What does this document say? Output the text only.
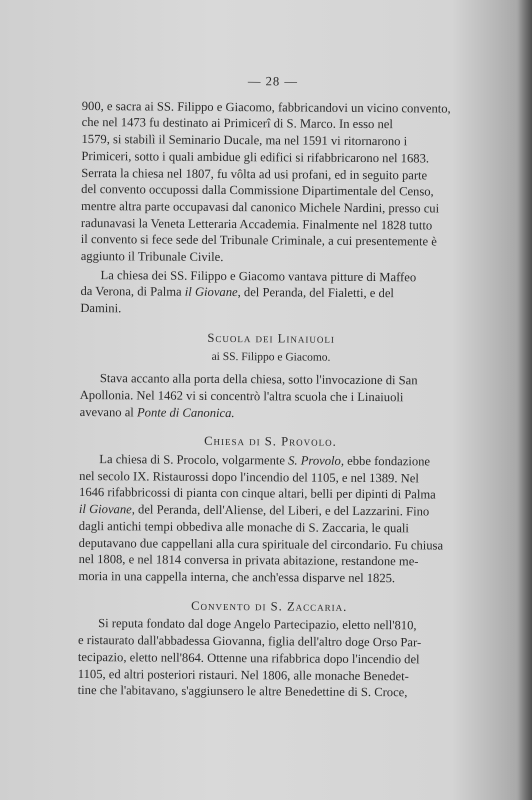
— 28 —

900, e sacra ai SS. Filippo e Giacomo, fabbricandovi un vicino convento,

che nel 1473 fu destinato ai Primicerî di S. Marco. In esso nel

1579, si stabilì il Seminario Ducale, ma nel 1591 vi ritornarono i

Primiceri, sotto i quali ambidue gli edifici si rifabbricarono nel 1683.

Serrata la chiesa nel 1807, fu vôlta ad usi profani, ed in seguito parte

del convento occupossi dalla Commissione Dipartimentale del Censo,

mentre altra parte occupavasi dal canonico Michele Nardini, presso cui

radunavasi la Veneta Letteraria Accademia. Finalmente nel 1828 tutto

il convento si fece sede del Tribunale Criminale, a cui presentemente è

aggiunto il Tribunale Civile.

La chiesa dei SS. Filippo e Giacomo vantava pitture di Maffeo

da Verona, di Palma il Giovane, del Peranda, del Fialetti, e del

Damini.

Scuola dei Linaiuoli
ai SS. Filippo e Giacomo.

Stava accanto alla porta della chiesa, sotto l'invocazione di San

Apollonia. Nel 1462 vi si concentrò l'altra scuola che i Linaiuoli

avevano al Ponte di Canonica.

Chiesa di S. Provolo.

La chiesa di S. Procolo, volgarmente S. Provolo, ebbe fondazione

nel secolo IX. Ristaurossi dopo l'incendio del 1105, e nel 1389. Nel

1646 rifabbricossi di pianta con cinque altari, belli per dipinti di Palma

il Giovane, del Peranda, dell'Aliense, del Liberi, e del Lazzarini. Fino

dagli antichi tempi obbediva alle monache di S. Zaccaria, le quali

deputavano due cappellani alla cura spirituale del circondario. Fu chiusa

nel 1808, e nel 1814 conversa in privata abitazione, restandone me-

moria in una cappella interna, che anch'essa disparve nel 1825.

Convento di S. Zaccaria.

Si reputa fondato dal doge Angelo Partecipazio, eletto nell'810,

e ristaurato dall'abbadessa Giovanna, figlia dell'altro doge Orso Par-

tecipazio, eletto nell'864. Ottenne una rifabbrica dopo l'incendio del

1105, ed altri posteriori ristauri. Nel 1806, alle monache Benedet-

tine che l'abitavano, s'aggiunsero le altre Benedettine di S. Croce,
